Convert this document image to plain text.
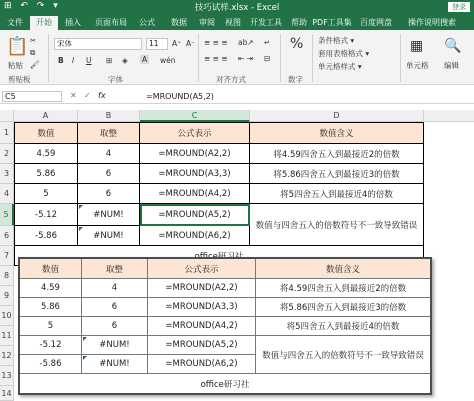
⊞ ↶ ↷ ▾	技巧试样.xlsx - Excel	登录
文件	开始	插入	页面布局	公式	数据	审阅	视图	开发工具	帮助 PDF工具集 百度网盘	操作说明搜索
📋
粘贴
✂
⧉
🖌
剪贴板
宋体	11	A⁺ A⁻
B I U ⊞ ◈ A wén
字体
≡ ≡ ≡
≡ ≡ ≡
ab↗
⇤ ⇥
↵
⊟
对齐方式
%
数字
条件格式 ▾
套用表格格式 ▾
单元格样式 ▾
▦
单元格
🔍
编辑
C5	✕ ✓ fx	=MROUND(A5,2)
A	B	C	D
1
2
3
4
5
6
7
8
9
10
11
12
13
14
数值	取整	公式表示	数值含义
4.59	4	=MROUND(A2,2)	将4.59四舍五入到最接近2的倍数
5.86	6	=MROUND(A3,3)	将5.86四舍五入到最接近3的倍数
5	6	=MROUND(A4,2)	将5四舍五入到最接近4的倍数
-5.12	#NUM!	=MROUND(A5,2)
-5.86	#NUM!	=MROUND(A6,2)
数值与四舍五入的倍数符号不一致导致错误
数值	取整	公式表示	数值含义
4.59	4	=MROUND(A2,2)	将4.59四舍五入到最接近2的倍数
5.86	6	=MROUND(A3,3)	将5.86四舍五入到最接近3的倍数
5	6	=MROUND(A4,2)	将5四舍五入到最接近4的倍数
-5.12	#NUM!	=MROUND(A5,2)
-5.86	#NUM!	=MROUND(A6,2)
数值与四舍五入的倍数符号不一致导致错误
office研习社
